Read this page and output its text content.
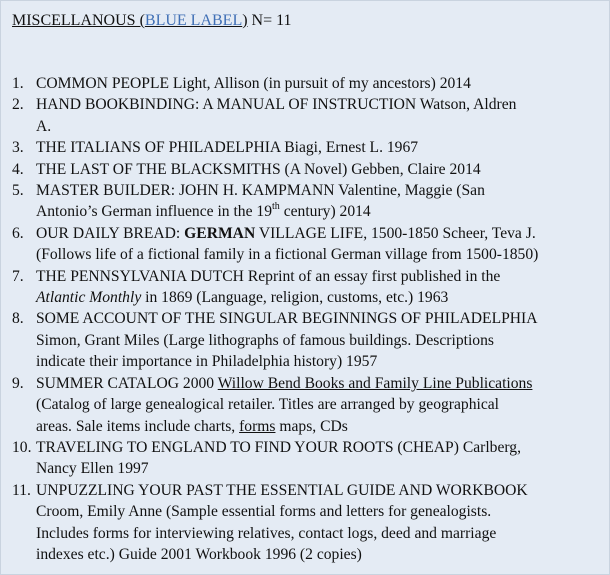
MISCELLANOUS (BLUE LABEL) N= 11
1. COMMON PEOPLE Light, Allison (in pursuit of my ancestors) 2014
2. HAND BOOKBINDING: A MANUAL OF INSTRUCTION Watson, Aldren
A.
3. THE ITALIANS OF PHILADELPHIA Biagi, Ernest L. 1967
4. THE LAST OF THE BLACKSMITHS (A Novel) Gebben, Claire 2014
5. MASTER BUILDER: JOHN H. KAMPMANN Valentine, Maggie (San
Antonio’s German influence in the 19th century) 2014
6. OUR DAILY BREAD: GERMAN VILLAGE LIFE, 1500-1850 Scheer, Teva J.
(Follows life of a fictional family in a fictional German village from 1500-1850)
7. THE PENNSYLVANIA DUTCH Reprint of an essay first published in the
Atlantic Monthly in 1869 (Language, religion, customs, etc.) 1963
8. SOME ACCOUNT OF THE SINGULAR BEGINNINGS OF PHILADELPHIA
Simon, Grant Miles (Large lithographs of famous buildings. Descriptions
indicate their importance in Philadelphia history) 1957
9. SUMMER CATALOG 2000 Willow Bend Books and Family Line Publications
(Catalog of large genealogical retailer. Titles are arranged by geographical
areas. Sale items include charts, forms maps, CDs
10. TRAVELING TO ENGLAND TO FIND YOUR ROOTS (CHEAP) Carlberg,
Nancy Ellen 1997
11. UNPUZZLING YOUR PAST THE ESSENTIAL GUIDE AND WORKBOOK
Croom, Emily Anne (Sample essential forms and letters for genealogists.
Includes forms for interviewing relatives, contact logs, deed and marriage
indexes etc.) Guide 2001 Workbook 1996 (2 copies)
